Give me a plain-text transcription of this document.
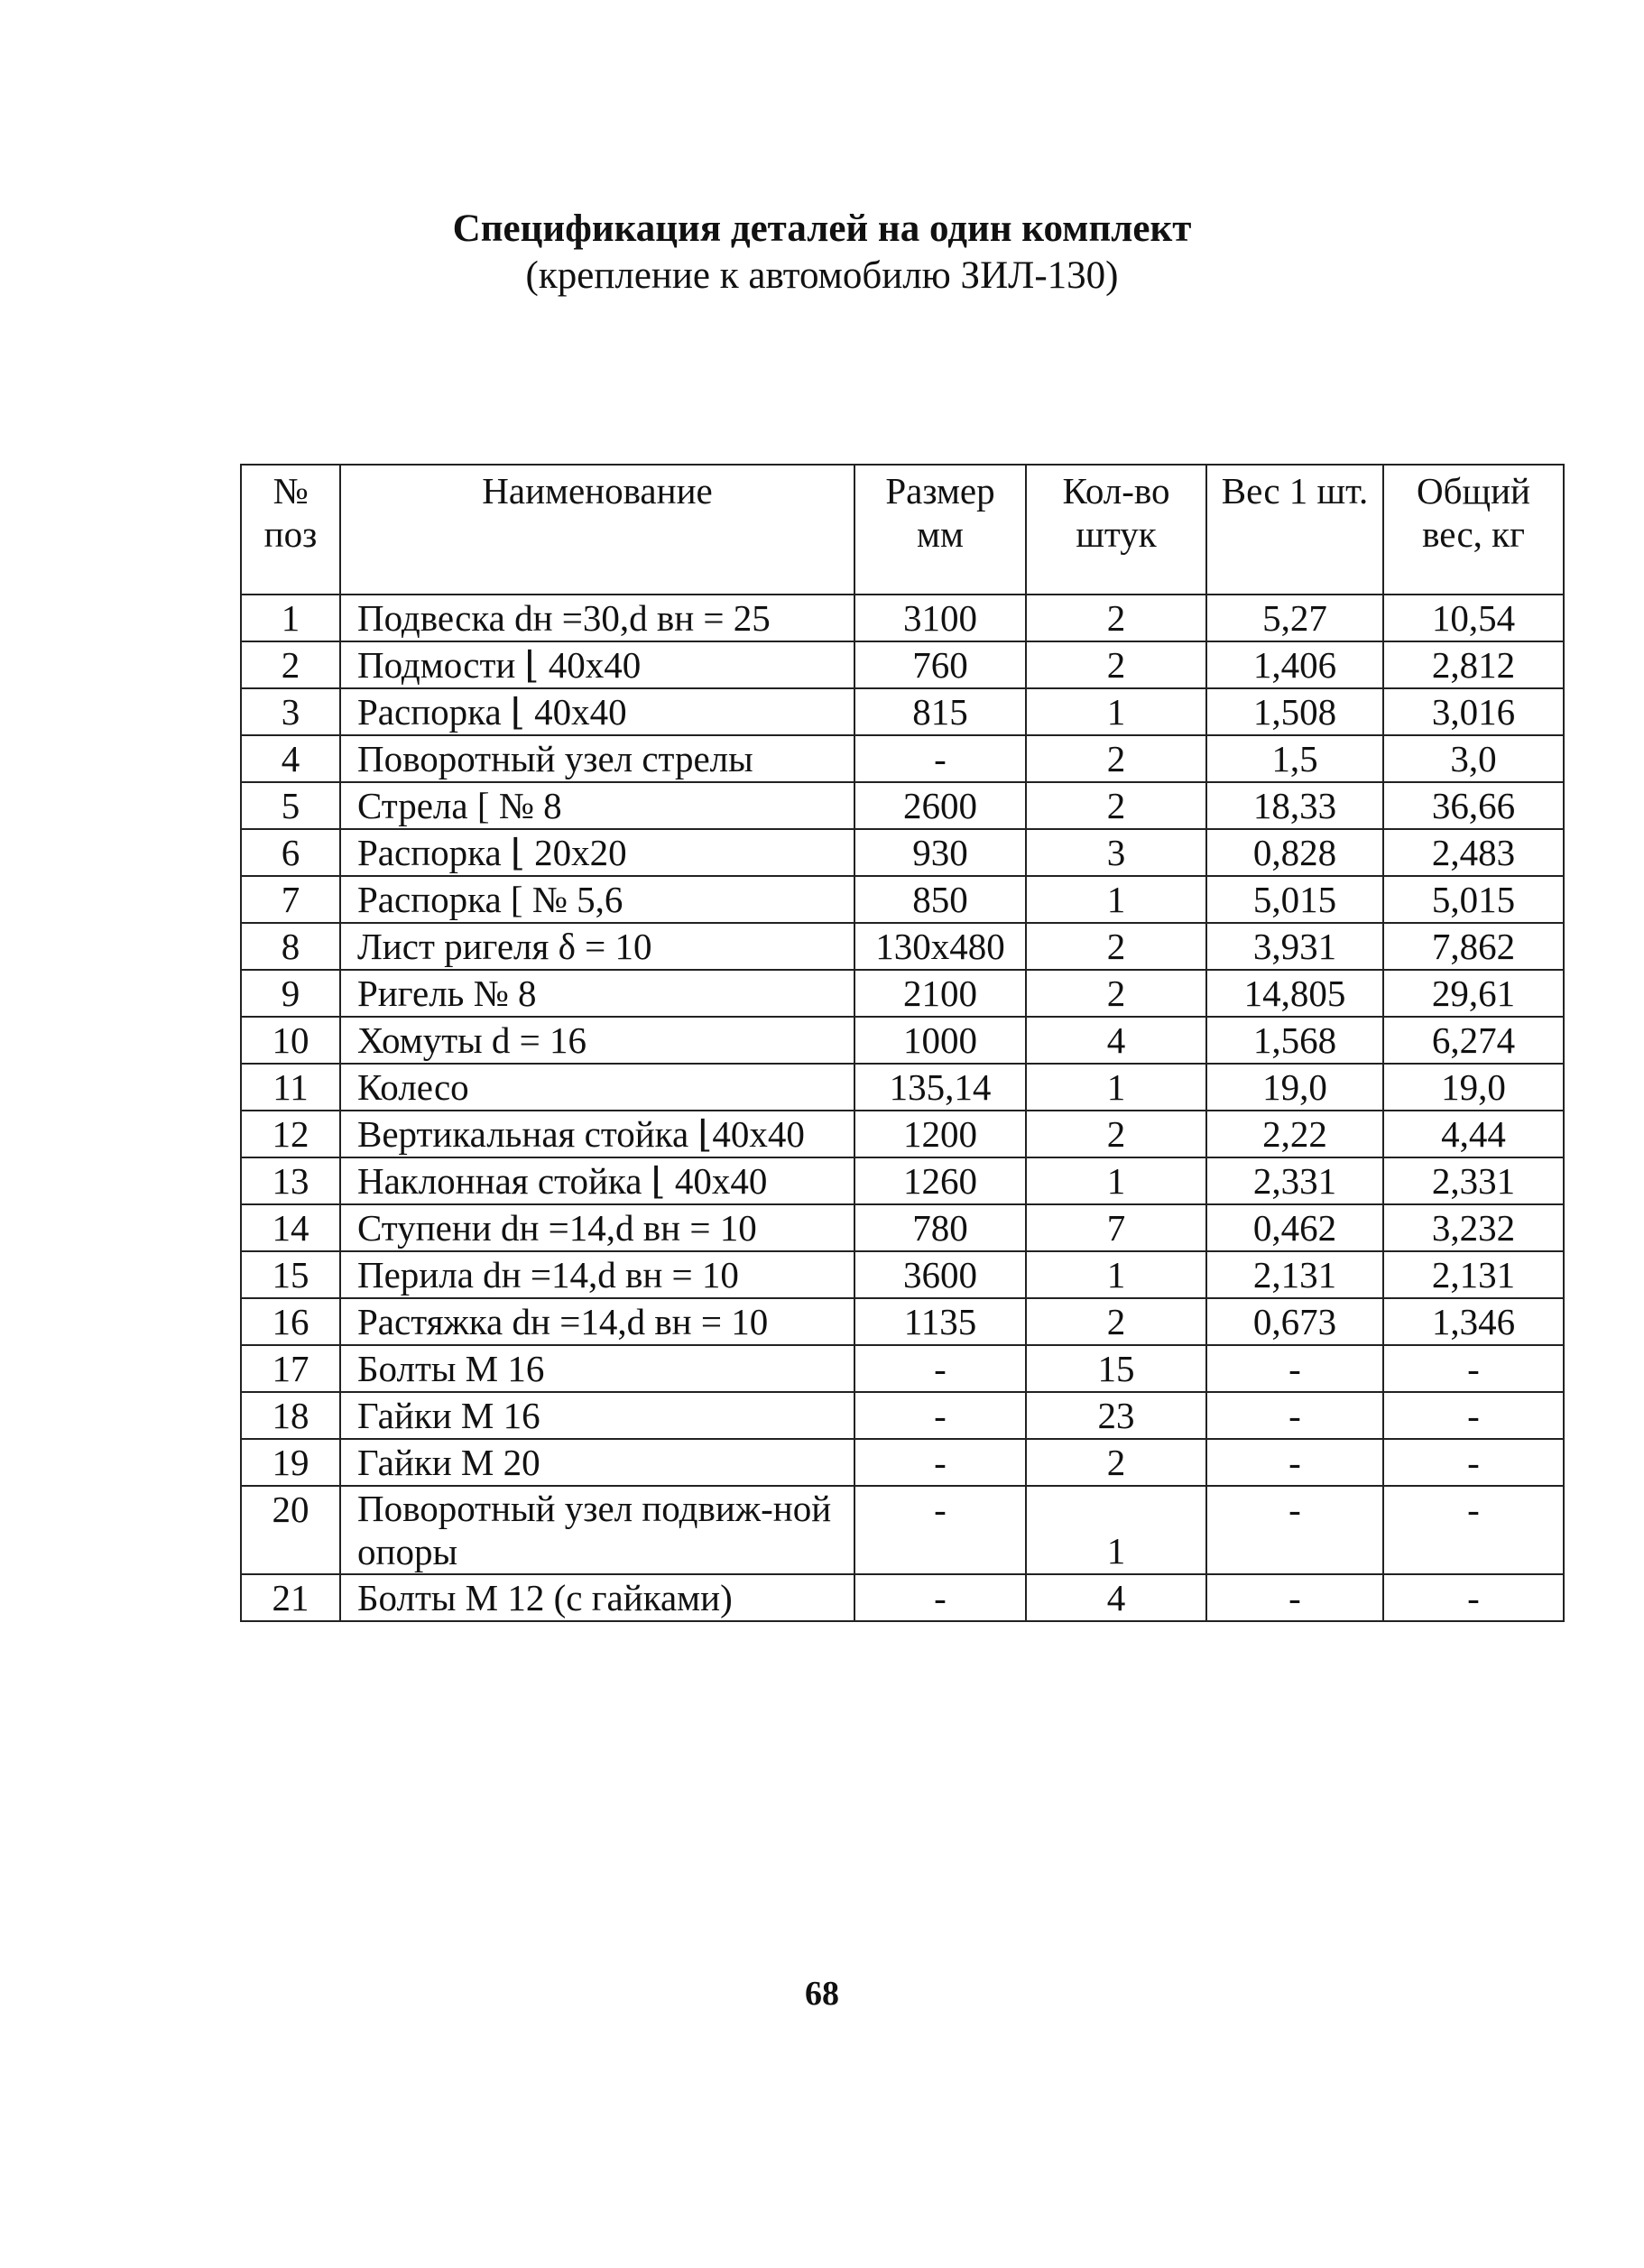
Спецификация деталей на один комплект
(крепление к автомобилю ЗИЛ-130)
№ поз	Наименование	Размер мм	Кол-во штук	Вес 1 шт.	Общий вес, кг
1	Подвеска dн =30,d вн = 25	3100	2	5,27	10,54
2	Подмости ⌊ 40х40	760	2	1,406	2,812
3	Распорка ⌊ 40х40	815	1	1,508	3,016
4	Поворотный узел стрелы	-	2	1,5	3,0
5	Стрела [ № 8	2600	2	18,33	36,66
6	Распорка ⌊ 20х20	930	3	0,828	2,483
7	Распорка [ № 5,6	850	1	5,015	5,015
8	Лист ригеля δ = 10	130х480	2	3,931	7,862
9	Ригель № 8	2100	2	14,805	29,61
10	Хомуты d = 16	1000	4	1,568	6,274
11	Колесо	135,14	1	19,0	19,0
12	Вертикальная стойка ⌊40х40	1200	2	2,22	4,44
13	Наклонная стойка ⌊ 40х40	1260	1	2,331	2,331
14	Ступени dн =14,d вн = 10	780	7	0,462	3,232
15	Перила dн =14,d вн = 10	3600	1	2,131	2,131
16	Растяжка dн =14,d вн = 10	1135	2	0,673	1,346
17	Болты М 16	-	15	-	-
18	Гайки М 16	-	23	-	-
19	Гайки М 20	-	2	-	-
20	Поворотный узел подвиж-ной опоры	-	1	-	-
21	Болты М 12 (с гайками)	-	4	-	-
68
